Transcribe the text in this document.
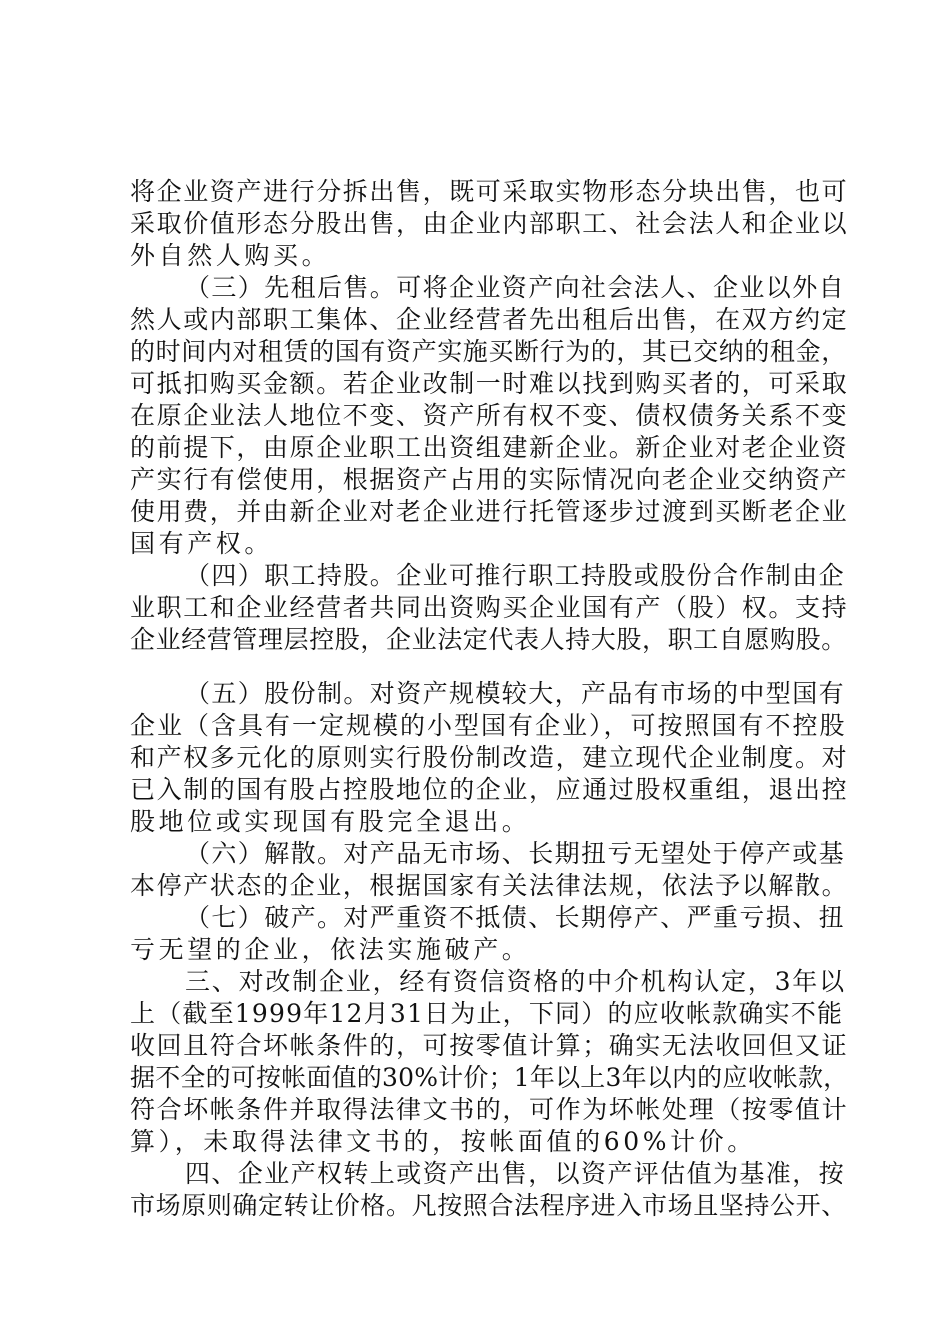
将企业资产进行分拆出售，既可采取实物形态分块出售，也可
采取价值形态分股出售，由企业内部职工、社会法人和企业以
外自然人购买。
（三）先租后售。可将企业资产向社会法人、企业以外自
然人或内部职工集体、企业经营者先出租后出售，在双方约定
的时间内对租赁的国有资产实施买断行为的，其已交纳的租金，
可抵扣购买金额。若企业改制一时难以找到购买者的，可采取
在原企业法人地位不变、资产所有权不变、债权债务关系不变
的前提下，由原企业职工出资组建新企业。新企业对老企业资
产实行有偿使用，根据资产占用的实际情况向老企业交纳资产
使用费，并由新企业对老企业进行托管逐步过渡到买断老企业
国有产权。
（四）职工持股。企业可推行职工持股或股份合作制由企
业职工和企业经营者共同出资购买企业国有产（股）权。支持
企业经营管理层控股，企业法定代表人持大股，职工自愿购股。
（五）股份制。对资产规模较大，产品有市场的中型国有
企业（含具有一定规模的小型国有企业），可按照国有不控股
和产权多元化的原则实行股份制改造，建立现代企业制度。对
已入制的国有股占控股地位的企业，应通过股权重组，退出控
股地位或实现国有股完全退出。
（六）解散。对产品无市场、长期扭亏无望处于停产或基
本停产状态的企业，根据国家有关法律法规，依法予以解散。
（七）破产。对严重资不抵债、长期停产、严重亏损、扭
亏无望的企业，依法实施破产。
三、对改制企业，经有资信资格的中介机构认定，3年以
上（截至1999年12月31日为止，下同）的应收帐款确实不能
收回且符合坏帐条件的，可按零值计算；确实无法收回但又证
据不全的可按帐面值的30%计价；1年以上3年以内的应收帐款，
符合坏帐条件并取得法律文书的，可作为坏帐处理（按零值计
算），未取得法律文书的，按帐面值的60%计价。
四、企业产权转上或资产出售，以资产评估值为基准，按
市场原则确定转让价格。凡按照合法程序进入市场且坚持公开、
